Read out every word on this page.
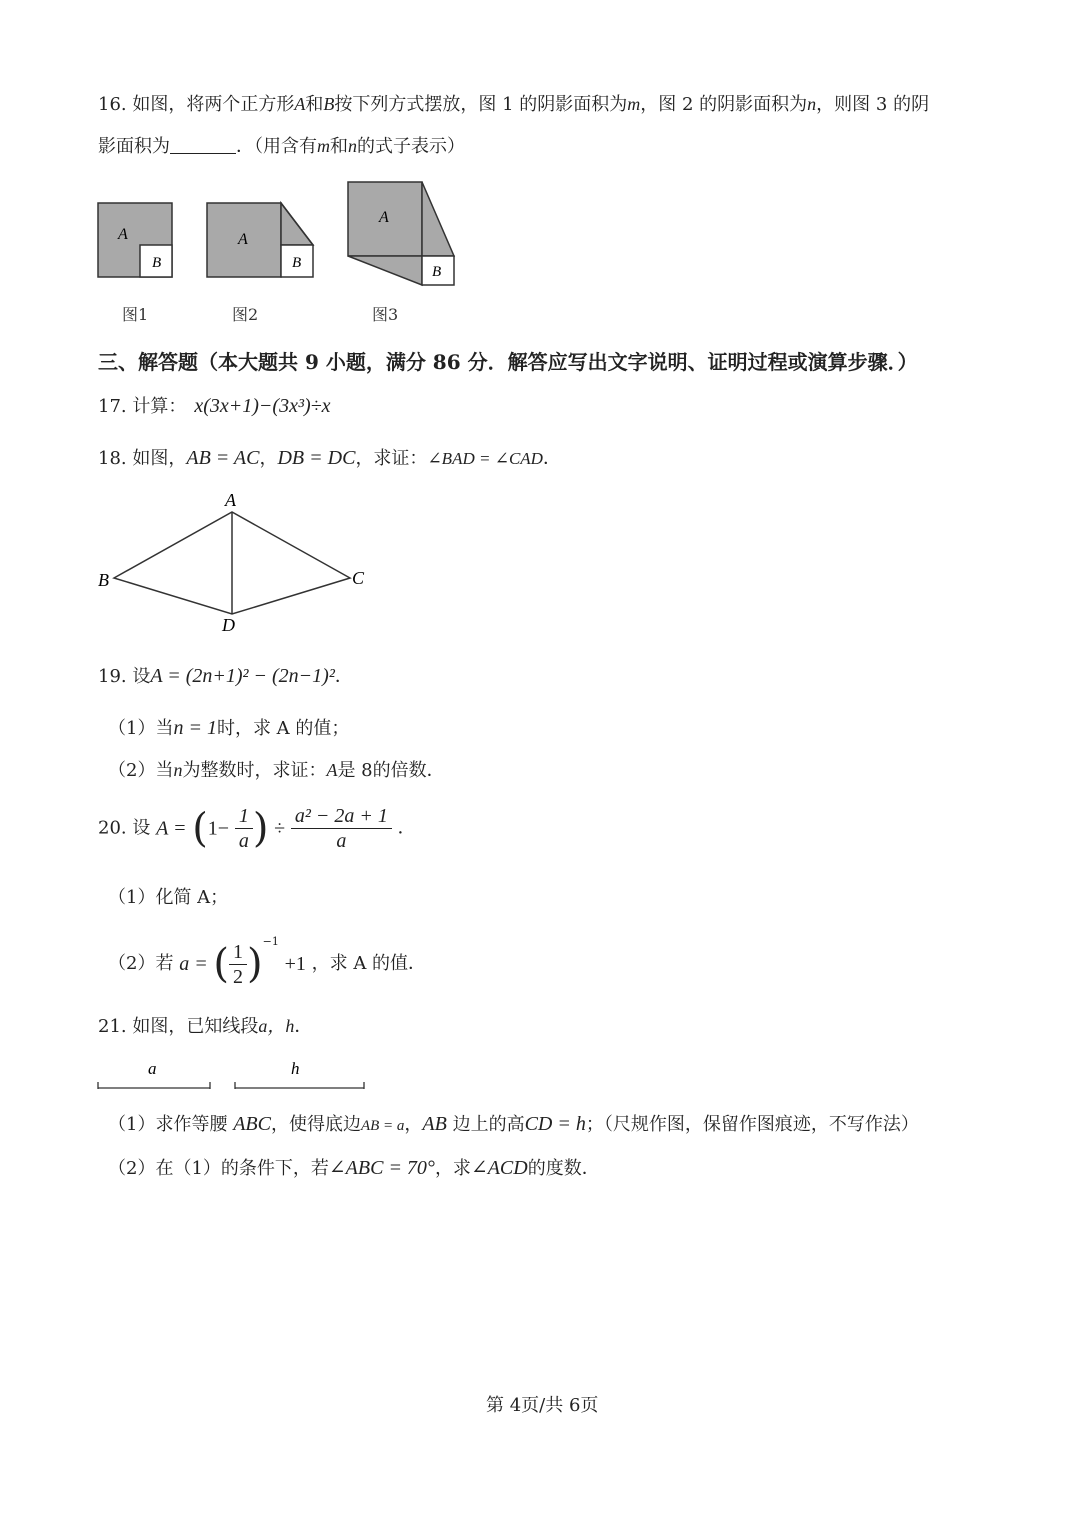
16. 如图，将两个正方形A和B按下列方式摆放，图 1 的阴影面积为m，图 2 的阴影面积为n，则图 3 的阴
影面积为	．（用含有m和n的式子表示）
A
B
A
B
A
B
图1	图2	图3
三、解答题（本大题共 9 小题，满分 86 分．解答应写出文字说明、证明过程或演算步骤．）
17. 计算： x(3x+1)−(3x³)÷x
18. 如图，AB = AC，DB = DC，求证：∠BAD = ∠CAD．
A
B	C
D
19. 设A = (2n+1)² − (2n−1)²．
（1）当n = 1时，求 A 的值；
（2）当n为整数时，求证：A是 8的倍数．
20. 设 $A = (1- \frac{1}{a}$ ) ÷ $\frac{\text{a² − 2a + 1}}{a}$ ．
（1）化简 A；
（2）若 a = ( $\frac{1}{2} )^{-1} +1$ ，求 A 的值．
21. 如图，已知线段a，h．
a	h
（1）求作等腰 ABC，使得底边AB = a，AB 边上的高CD = h；（尺规作图，保留作图痕迹，不写作法）
（2）在（1）的条件下，若∠ABC = 70°，求∠ACD的度数．
第 4页/共 6页
